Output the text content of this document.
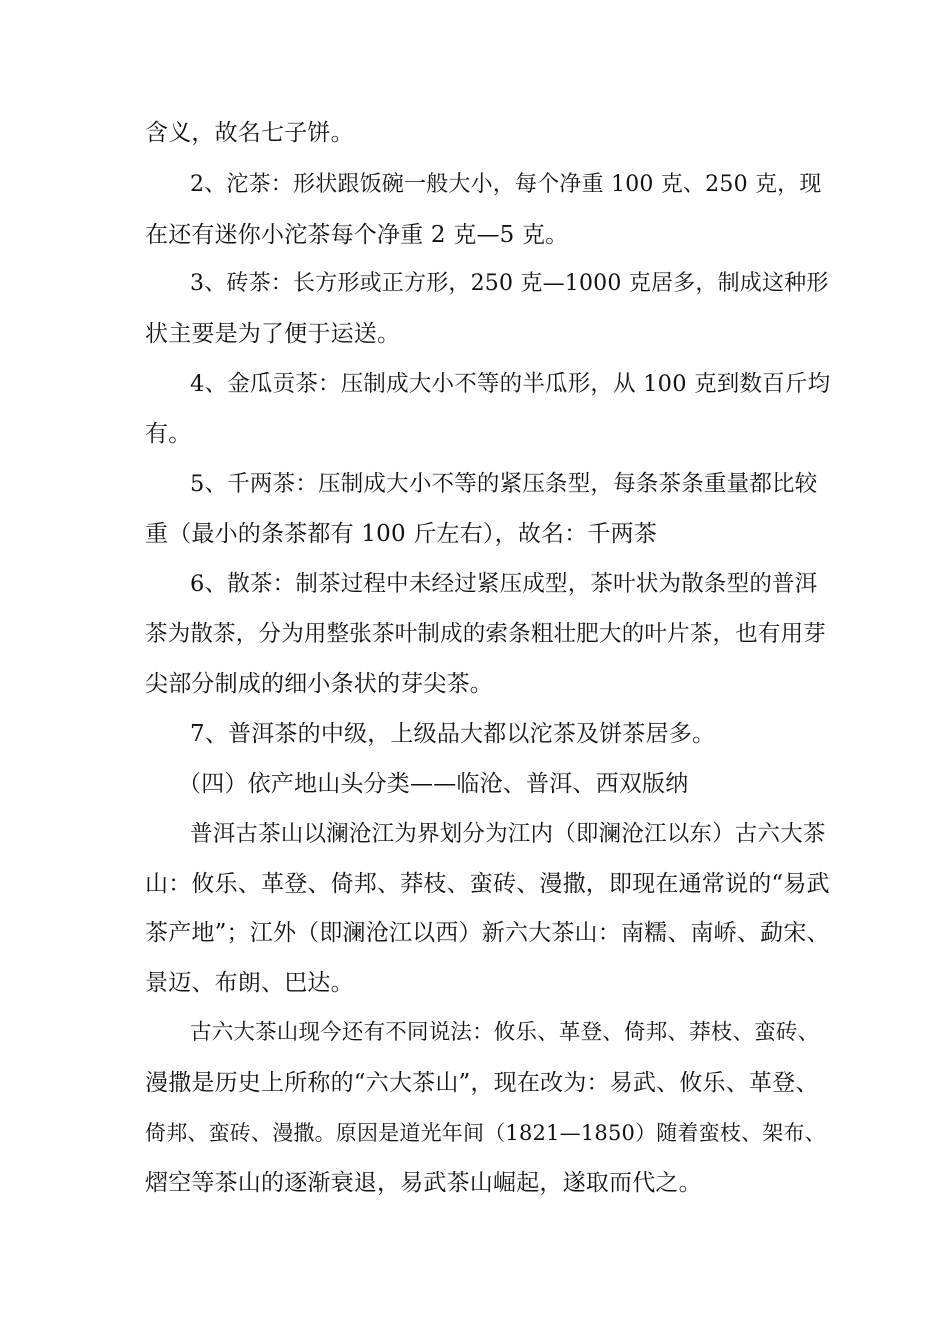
含义，故名七子饼。

2、沱茶：形状跟饭碗一般大小，每个净重 100 克、250 克，现

在还有迷你小沱茶每个净重 2 克—5 克。

3、砖茶：长方形或正方形，250 克—1000 克居多，制成这种形

状主要是为了便于运送。

4、金瓜贡茶：压制成大小不等的半瓜形，从 100 克到数百斤均

有。

5、千两茶：压制成大小不等的紧压条型，每条茶条重量都比较

重（最小的条茶都有 100 斤左右），故名：千两茶

6、散茶：制茶过程中未经过紧压成型，茶叶状为散条型的普洱

茶为散茶，分为用整张茶叶制成的索条粗壮肥大的叶片茶，也有用芽

尖部分制成的细小条状的芽尖茶。

7、普洱茶的中级，上级品大都以沱茶及饼茶居多。

（四）依产地山头分类——临沧、普洱、西双版纳

普洱古茶山以澜沧江为界划分为江内（即澜沧江以东）古六大茶

山：攸乐、革登、倚邦、莽枝、蛮砖、漫撒，即现在通常说的“易武

茶产地”；江外（即澜沧江以西）新六大茶山：南糯、南峤、勐宋、

景迈、布朗、巴达。

古六大茶山现今还有不同说法：攸乐、革登、倚邦、莽枝、蛮砖、

漫撒是历史上所称的“六大茶山”，现在改为：易武、攸乐、革登、

倚邦、蛮砖、漫撒。原因是道光年间（1821—1850）随着蛮枝、架布、

熠空等茶山的逐渐衰退，易武茶山崛起，遂取而代之。
